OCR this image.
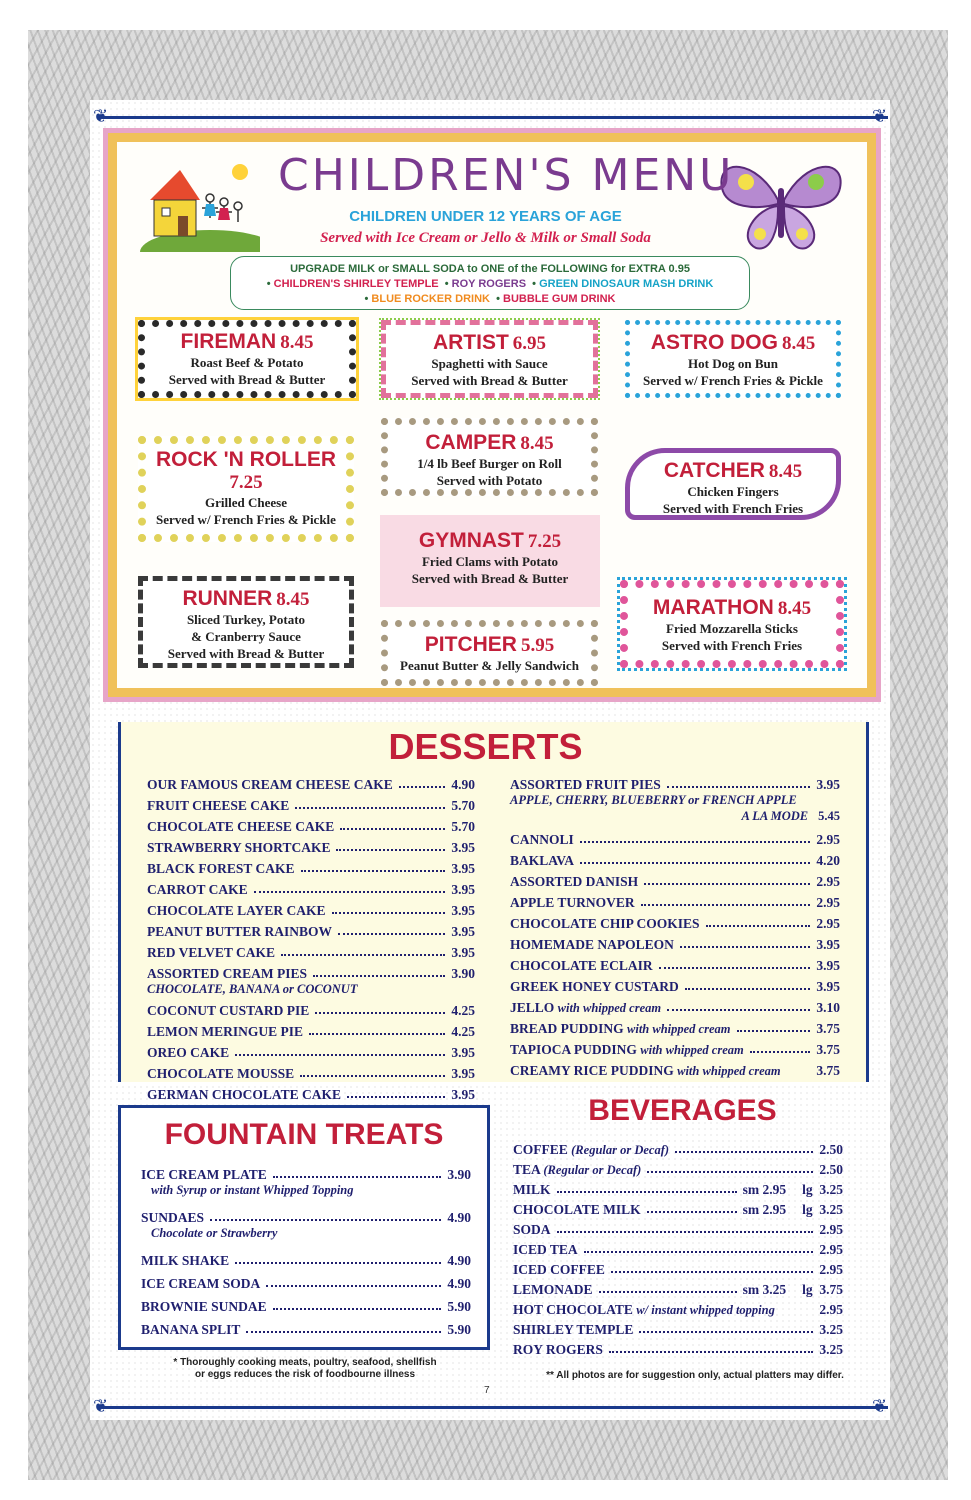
❦	❦
❦	❦
CHILDREN'S MENU
CHILDREN UNDER 12 YEARS OF AGE
Served with Ice Cream or Jello & Milk or Small Soda
UPGRADE MILK or SMALL SODA to ONE of the FOLLOWING for EXTRA 0.95
• CHILDREN'S SHIRLEY TEMPLE • ROY ROGERS • GREEN DINOSAUR MASH DRINK
• BLUE ROCKER DRINK • BUBBLE GUM DRINK
FIREMAN 8.45
Roast Beef & Potato
Served with Bread & Butter
ARTIST 6.95
Spaghetti with Sauce
Served with Bread & Butter
ASTRO DOG 8.45
Hot Dog on Bun
Served w/ French Fries & Pickle
ROCK 'N ROLLER
7.25
Grilled Cheese
Served w/ French Fries & Pickle
CAMPER 8.45
1/4 lb Beef Burger on Roll
Served with Potato	CATCHER 8.45
Chicken Fingers
Served with French Fries
GYMNAST 7.25
Fried Clams with Potato
Served with Bread & Butter
RUNNER 8.45
Sliced Turkey, Potato
& Cranberry Sauce
Served with Bread & Butter	PITCHER 5.95
Peanut Butter & Jelly Sandwich
MARATHON 8.45
Fried Mozzarella Sticks
Served with French Fries
DESSERTS
OUR FAMOUS CREAM CHEESE CAKE	4.90
FRUIT CHEESE CAKE	5.70
CHOCOLATE CHEESE CAKE	5.70
STRAWBERRY SHORTCAKE	3.95
BLACK FOREST CAKE	3.95
CARROT CAKE	3.95
CHOCOLATE LAYER CAKE	3.95
PEANUT BUTTER RAINBOW	3.95
RED VELVET CAKE	3.95
ASSORTED CREAM PIES	3.90
CHOCOLATE, BANANA or COCONUT
COCONUT CUSTARD PIE	4.25
LEMON MERINGUE PIE	4.25
OREO CAKE	3.95
CHOCOLATE MOUSSE	3.95
GERMAN CHOCOLATE CAKE	3.95
ASSORTED FRUIT PIES	3.95
APPLE, CHERRY, BLUEBERRY or FRENCH APPLE
A LA MODE 5.45
CANNOLI	2.95
BAKLAVA	4.20
ASSORTED DANISH	2.95
APPLE TURNOVER	2.95
CHOCOLATE CHIP COOKIES	2.95
HOMEMADE NAPOLEON	3.95
CHOCOLATE ECLAIR	3.95
GREEK HONEY CUSTARD	3.95
JELLO with whipped cream	3.10
BREAD PUDDING with whipped cream	3.75
TAPIOCA PUDDING with whipped cream	3.75
CREAMY RICE PUDDING with whipped cream	3.75
FOUNTAIN TREATS
ICE CREAM PLATE	3.90
with Syrup or instant Whipped Topping
SUNDAES	4.90
Chocolate or Strawberry
MILK SHAKE	4.90
ICE CREAM SODA	4.90
BROWNIE SUNDAE	5.90
BANANA SPLIT	5.90
BEVERAGES
COFFEE (Regular or Decaf)	2.50
TEA (Regular or Decaf)	2.50
MILK	sm 2.95 lg  3.25
CHOCOLATE MILK	sm 2.95 lg  3.25
SODA	2.95
ICED TEA	2.95
ICED COFFEE	2.95
LEMONADE	sm 3.25 lg  3.75
HOT CHOCOLATE w/ instant whipped topping	2.95
SHIRLEY TEMPLE	3.25
ROY ROGERS	3.25
* Thoroughly cooking meats, poultry, seafood, shellfish
or eggs reduces the risk of foodbourne illness	** All photos are for suggestion only, actual platters may differ.
7
